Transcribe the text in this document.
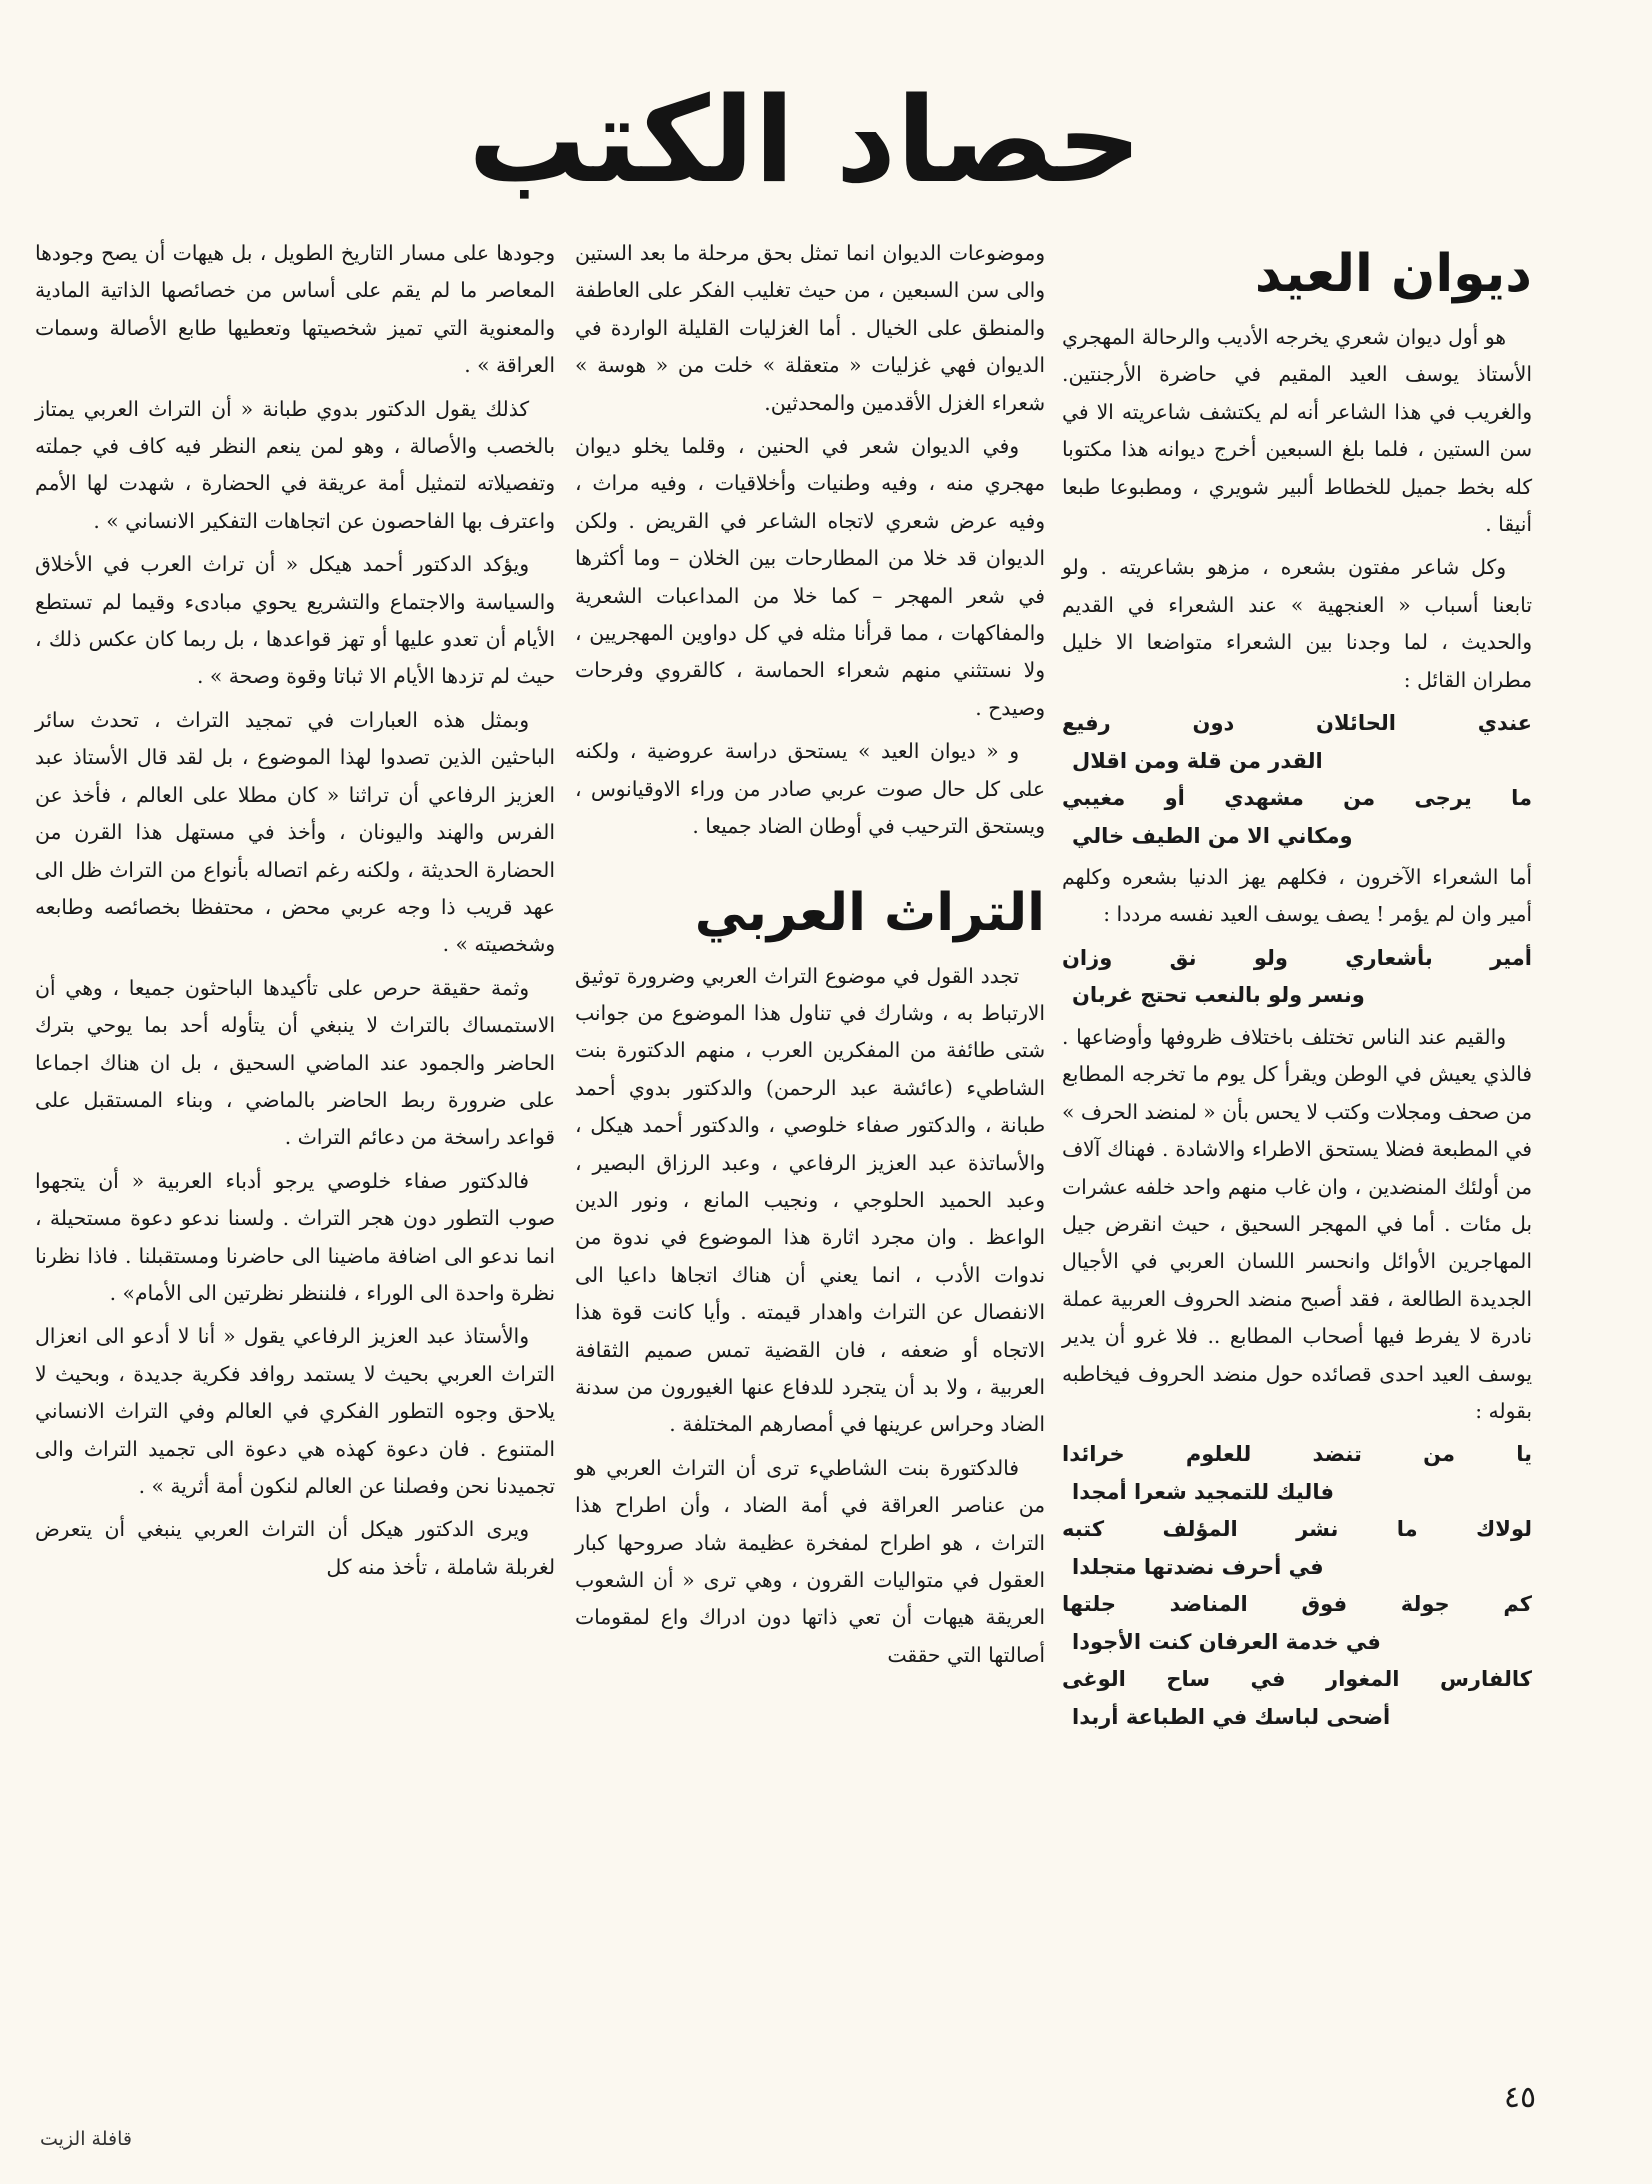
حصاد الكتب
ديوان العيد

هو أول ديوان شعري يخرجه الأديب والرحالة المهجري الأستاذ يوسف العيد المقيم في حاضرة الأرجنتين. والغريب في هذا الشاعر أنه لم يكتشف شاعريته الا في سن الستين ، فلما بلغ السبعين أخرج ديوانه هذا مكتوبا كله بخط جميل للخطاط ألبير شويري ، ومطبوعا طبعا أنيقا .

وكل شاعر مفتون بشعره ، مزهو بشاعريته . ولو تابعنا أسباب « العنجهية » عند الشعراء في القديم والحديث ، لما وجدنا بين الشعراء متواضعا الا خليل مطران القائل :

عندي الحائلان دون رفيع
القدر من قلة ومن اقلال
ما يرجى من مشهدي أو مغيبي
ومكاني الا من الطيف خالي

أما الشعراء الآخرون ، فكلهم يهز الدنيا بشعره وكلهم أمير وان لم يؤمر ! يصف يوسف العيد نفسه مرددا :

أمير بأشعاري ولو نق وزان
ونسر ولو بالنعب تحتج غربان

والقيم عند الناس تختلف باختلاف ظروفها وأوضاعها . فالذي يعيش في الوطن ويقرأ كل يوم ما تخرجه المطابع من صحف ومجلات وكتب لا يحس بأن « لمنضد الحرف » في المطبعة فضلا يستحق الاطراء والاشادة . فهناك آلاف من أولئك المنضدين ، وان غاب منهم واحد خلفه عشرات بل مئات . أما في المهجر السحيق ، حيث انقرض جيل المهاجرين الأوائل وانحسر اللسان العربي في الأجيال الجديدة الطالعة ، فقد أصبح منضد الحروف العربية عملة نادرة لا يفرط فيها أصحاب المطابع .. فلا غرو أن يدير يوسف العيد احدى قصائده حول منضد الحروف فيخاطبه بقوله :

يا من تنضد للعلوم خرائدا
فاليك للتمجيد شعرا أمجدا
لولاك ما نشر المؤلف كتبه
في أحرف نضدتها متجلدا
كم جولة فوق المناضد جلتها
في خدمة العرفان كنت الأجودا
كالفارس المغوار في ساح الوغى
أضحى لباسك في الطباعة أربدا

وموضوعات الديوان انما تمثل بحق مرحلة ما بعد الستين والى سن السبعين ، من حيث تغليب الفكر على العاطفة والمنطق على الخيال . أما الغزليات القليلة الواردة في الديوان فهي غزليات « متعقلة » خلت من « هوسة » شعراء الغزل الأقدمين والمحدثين.

وفي الديوان شعر في الحنين ، وقلما يخلو ديوان مهجري منه ، وفيه وطنيات وأخلاقيات ، وفيه مراث ، وفيه عرض شعري لاتجاه الشاعر في القريض . ولكن الديوان قد خلا من المطارحات بين الخلان – وما أكثرها في شعر المهجر – كما خلا من المداعبات الشعرية والمفاكهات ، مما قرأنا مثله في كل دواوين المهجريين ، ولا نستثني منهم شعراء الحماسة ، كالقروي وفرحات وصيدح .

و « ديوان العيد » يستحق دراسة عروضية ، ولكنه على كل حال صوت عربي صادر من وراء الاوقيانوس ، ويستحق الترحيب في أوطان الضاد جميعا .

التراث العربي

تجدد القول في موضوع التراث العربي وضرورة توثيق الارتباط به ، وشارك في تناول هذا الموضوع من جوانب شتى طائفة من المفكرين العرب ، منهم الدكتورة بنت الشاطيء (عائشة عبد الرحمن) والدكتور بدوي أحمد طبانة ، والدكتور صفاء خلوصي ، والدكتور أحمد هيكل ، والأساتذة عبد العزيز الرفاعي ، وعبد الرزاق البصير ، وعبد الحميد الحلوجي ، ونجيب المانع ، ونور الدين الواعظ . وان مجرد اثارة هذا الموضوع في ندوة من ندوات الأدب ، انما يعني أن هناك اتجاها داعيا الى الانفصال عن التراث واهدار قيمته . وأيا كانت قوة هذا الاتجاه أو ضعفه ، فان القضية تمس صميم الثقافة العربية ، ولا بد أن يتجرد للدفاع عنها الغيورون من سدنة الضاد وحراس عرينها في أمصارهم المختلفة .

فالدكتورة بنت الشاطيء ترى أن التراث العربي هو من عناصر العراقة في أمة الضاد ، وأن اطراح هذا التراث ، هو اطراح لمفخرة عظيمة شاد صروحها كبار العقول في متواليات القرون ، وهي ترى « أن الشعوب العريقة هيهات أن تعي ذاتها دون ادراك واع لمقومات أصالتها التي حققت

وجودها على مسار التاريخ الطويل ، بل هيهات أن يصح وجودها المعاصر ما لم يقم على أساس من خصائصها الذاتية المادية والمعنوية التي تميز شخصيتها وتعطيها طابع الأصالة وسمات العراقة » .

كذلك يقول الدكتور بدوي طبانة « أن التراث العربي يمتاز بالخصب والأصالة ، وهو لمن ينعم النظر فيه كاف في جملته وتفصيلاته لتمثيل أمة عريقة في الحضارة ، شهدت لها الأمم واعترف بها الفاحصون عن اتجاهات التفكير الانساني » .

ويؤكد الدكتور أحمد هيكل « أن تراث العرب في الأخلاق والسياسة والاجتماع والتشريع يحوي مبادىء وقيما لم تستطع الأيام أن تعدو عليها أو تهز قواعدها ، بل ربما كان عكس ذلك ، حيث لم تزدها الأيام الا ثباتا وقوة وصحة » .

وبمثل هذه العبارات في تمجيد التراث ، تحدث سائر الباحثين الذين تصدوا لهذا الموضوع ، بل لقد قال الأستاذ عبد العزيز الرفاعي أن تراثنا « كان مطلا على العالم ، فأخذ عن الفرس والهند واليونان ، وأخذ في مستهل هذا القرن من الحضارة الحديثة ، ولكنه رغم اتصاله بأنواع من التراث ظل الى عهد قريب ذا وجه عربي محض ، محتفظا بخصائصه وطابعه وشخصيته » .

وثمة حقيقة حرص على تأكيدها الباحثون جميعا ، وهي أن الاستمساك بالتراث لا ينبغي أن يتأوله أحد بما يوحي بترك الحاضر والجمود عند الماضي السحيق ، بل ان هناك اجماعا على ضرورة ربط الحاضر بالماضي ، وبناء المستقبل على قواعد راسخة من دعائم التراث .

فالدكتور صفاء خلوصي يرجو أدباء العربية « أن يتجهوا صوب التطور دون هجر التراث . ولسنا ندعو دعوة مستحيلة ، انما ندعو الى اضافة ماضينا الى حاضرنا ومستقبلنا . فاذا نظرنا نظرة واحدة الى الوراء ، فلننظر نظرتين الى الأمام» .

والأستاذ عبد العزيز الرفاعي يقول « أنا لا أدعو الى انعزال التراث العربي بحيث لا يستمد روافد فكرية جديدة ، وبحيث لا يلاحق وجوه التطور الفكري في العالم وفي التراث الانساني المتنوع . فان دعوة كهذه هي دعوة الى تجميد التراث والى تجميدنا نحن وفصلنا عن العالم لنكون أمة أثرية » .

ويرى الدكتور هيكل أن التراث العربي ينبغي أن يتعرض لغربلة شاملة ، تأخذ منه كل

٤٥
قافلة الزيت
